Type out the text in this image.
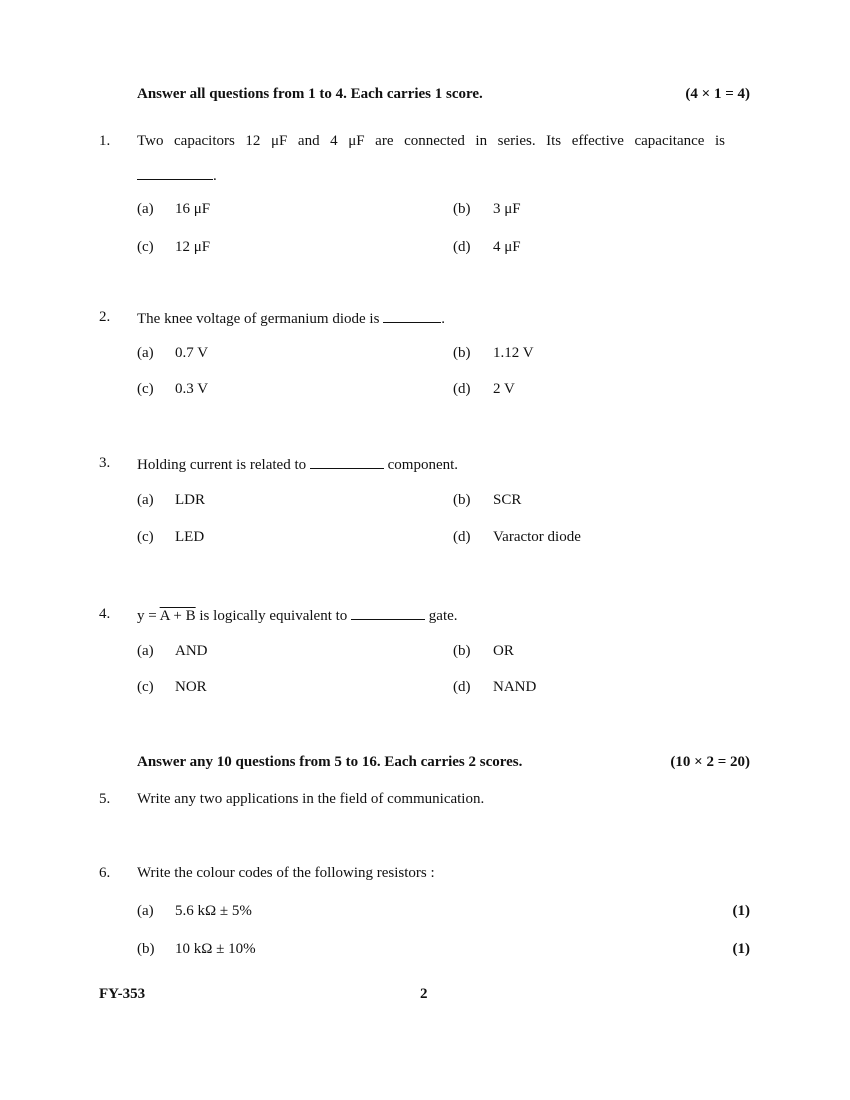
Answer all questions from 1 to 4. Each carries 1 score.	(4 × 1 = 4)
1. Two capacitors 12 μF and 4 μF are connected in series. Its effective capacitance is
.
(a) 16 μF	(b) 3 μF
(c) 12 μF	(d) 4 μF
2. The knee voltage of germanium diode is	.
(a) 0.7 V	(b) 1.12 V
(c) 0.3 V	(d) 2 V
3. Holding current is related to	component.
(a) LDR	(b) SCR
(c) LED	(d) Varactor diode
4. y = A + B is logically equivalent to	gate.
(a) AND	(b) OR
(c) NOR	(d) NAND
Answer any 10 questions from 5 to 16. Each carries 2 scores.	(10 × 2 = 20)
5. Write any two applications in the field of communication.
6. Write the colour codes of the following resistors :
(a) 5.6 kΩ ± 5%	(1)
(b) 10 kΩ ± 10%	(1)
FY-353	2
